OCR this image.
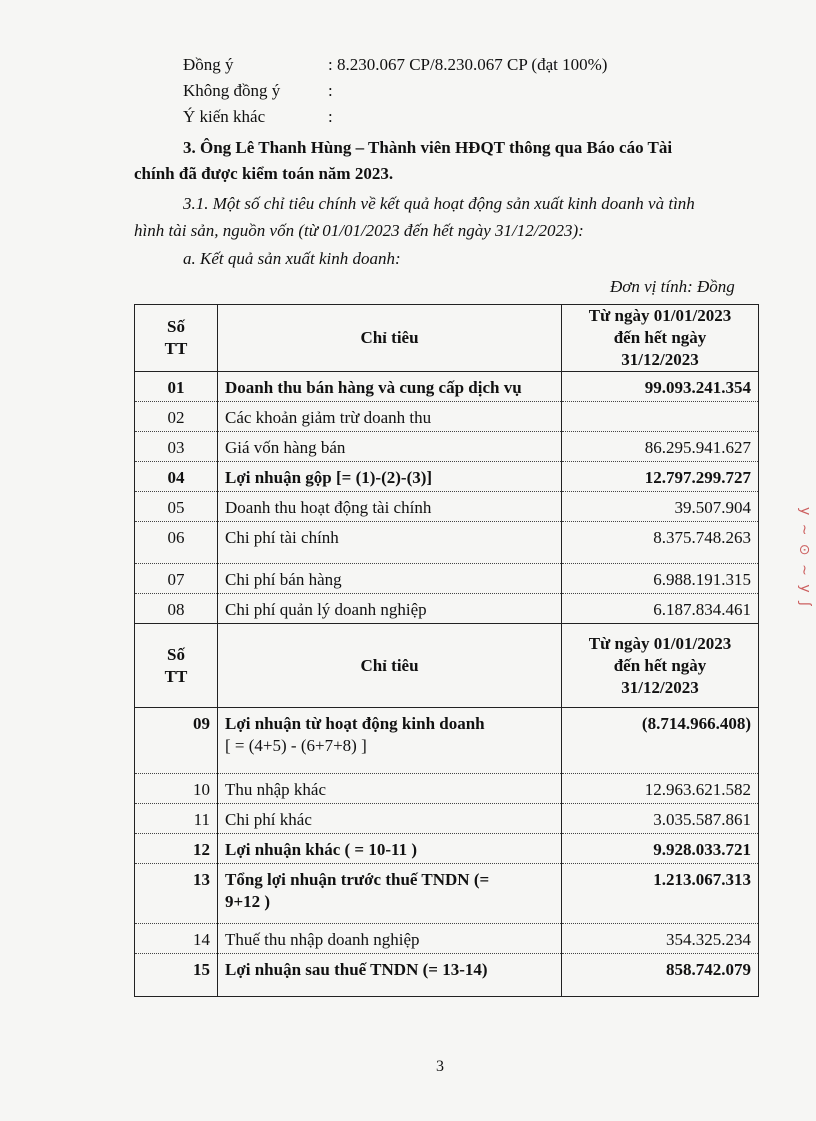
Đồng ý	: 8.230.067 CP/8.230.067 CP (đạt 100%)
Không đồng ý	:
Ý kiến khác	:
3. Ông Lê Thanh Hùng – Thành viên HĐQT thông qua Báo cáo Tài
chính đã được kiểm toán năm 2023.
3.1. Một số chỉ tiêu chính về kết quả hoạt động sản xuất kinh doanh và tình
hình tài sản, nguồn vốn (từ 01/01/2023 đến hết ngày 31/12/2023):
a. Kết quả sản xuất kinh doanh:
Đơn vị tính: Đồng
Số TT	Chỉ tiêu	Từ ngày 01/01/2023 đến hết ngày 31/12/2023
01	Doanh thu bán hàng và cung cấp dịch vụ	99.093.241.354
02	Các khoản giảm trừ doanh thu	
03	Giá vốn hàng bán	86.295.941.627
04	Lợi nhuận gộp [= (1)-(2)-(3)]	12.797.299.727
05	Doanh thu hoạt động tài chính	39.507.904
06	Chi phí tài chính	8.375.748.263
07	Chi phí bán hàng	6.988.191.315
08	Chi phí quản lý doanh nghiệp	6.187.834.461
Số TT	Chỉ tiêu	Từ ngày 01/01/2023 đến hết ngày 31/12/2023
09	Lợi nhuận từ hoạt động kinh doanh
[ = (4+5) - (6+7+8) ]	(8.714.966.408)
10	Thu nhập khác	12.963.621.582
11	Chi phí khác	3.035.587.861
12	Lợi nhuận khác ( = 10-11 )	9.928.033.721
13	Tổng lợi nhuận trước thuế TNDN (=
9+12 )	1.213.067.313
14	Thuế thu nhập doanh nghiệp	354.325.234
15	Lợi nhuận sau thuế TNDN (= 13-14)	858.742.079
3
ʃ ʎ ~ ⊙ ~ ʎ
